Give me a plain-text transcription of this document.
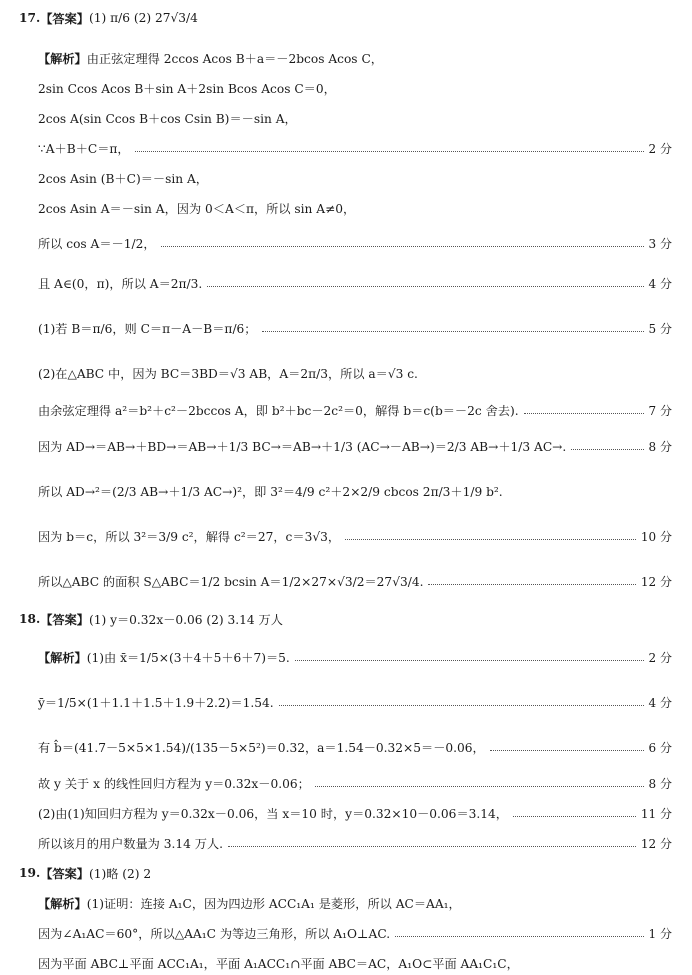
17. 【答案】 (1) π/6 (2) 27√3/4
【解析】 由正弦定理得 2ccos Acos B＋a＝－2bcos Acos C，
2sin Ccos Acos B＋sin A＋2sin Bcos Acos C＝0，
2cos A(sin Ccos B＋cos Csin B)＝－sin A，
∵A＋B＋C＝π，	2 分
2cos Asin (B＋C)＝－sin A，
2cos Asin A＝－sin A，因为 0＜A＜π，所以 sin A≠0，
所以 cos A＝－1/2，	3 分
且 A∈(0，π)，所以 A＝2π/3.	4 分
(1)若 B＝π/6，则 C＝π－A－B＝π/6；	5 分
(2)在△ABC 中，因为 BC＝3BD＝√3 AB，A＝2π/3，所以 a＝√3 c.
由余弦定理得 a²＝b²＋c²－2bccos A，即 b²＋bc－2c²＝0，解得 b＝c(b＝－2c 舍去).	7 分
因为 AD→＝AB→＋BD→＝AB→＋1/3 BC→＝AB→＋1/3 (AC→－AB→)＝2/3 AB→＋1/3 AC→.	8 分
所以 AD→²＝(2/3 AB→＋1/3 AC→)²，即 3²＝4/9 c²＋2×2/9 cbcos 2π/3＋1/9 b².
因为 b＝c，所以 3²＝3/9 c²，解得 c²＝27，c＝3√3，	10 分
所以△ABC 的面积 S△ABC＝1/2 bcsin A＝1/2×27×√3/2＝27√3/4.	12 分
18. 【答案】 (1) y＝0.32x－0.06 (2) 3.14 万人
【解析】 (1)由 x̄＝1/5×(3＋4＋5＋6＋7)＝5.	2 分
ȳ＝1/5×(1＋1.1＋1.5＋1.9＋2.2)＝1.54.	4 分
有 b̂＝(41.7－5×5×1.54)/(135－5×5²)＝0.32，a＝1.54－0.32×5＝－0.06，	6 分
故 y 关于 x 的线性回归方程为 y＝0.32x－0.06；	8 分
(2)由(1)知回归方程为 y＝0.32x－0.06，当 x＝10 时，y＝0.32×10－0.06＝3.14，	11 分
所以该月的用户数量为 3.14 万人.	12 分
19. 【答案】 (1)略 (2) 2
【解析】 (1)证明：连接 A₁C，因为四边形 ACC₁A₁ 是菱形，所以 AC＝AA₁，
因为∠A₁AC＝60°，所以△AA₁C 为等边三角形，所以 A₁O⊥AC.	1 分
因为平面 ABC⊥平面 ACC₁A₁，平面 A₁ACC₁∩平面 ABC＝AC，A₁O⊂平面 AA₁C₁C，
